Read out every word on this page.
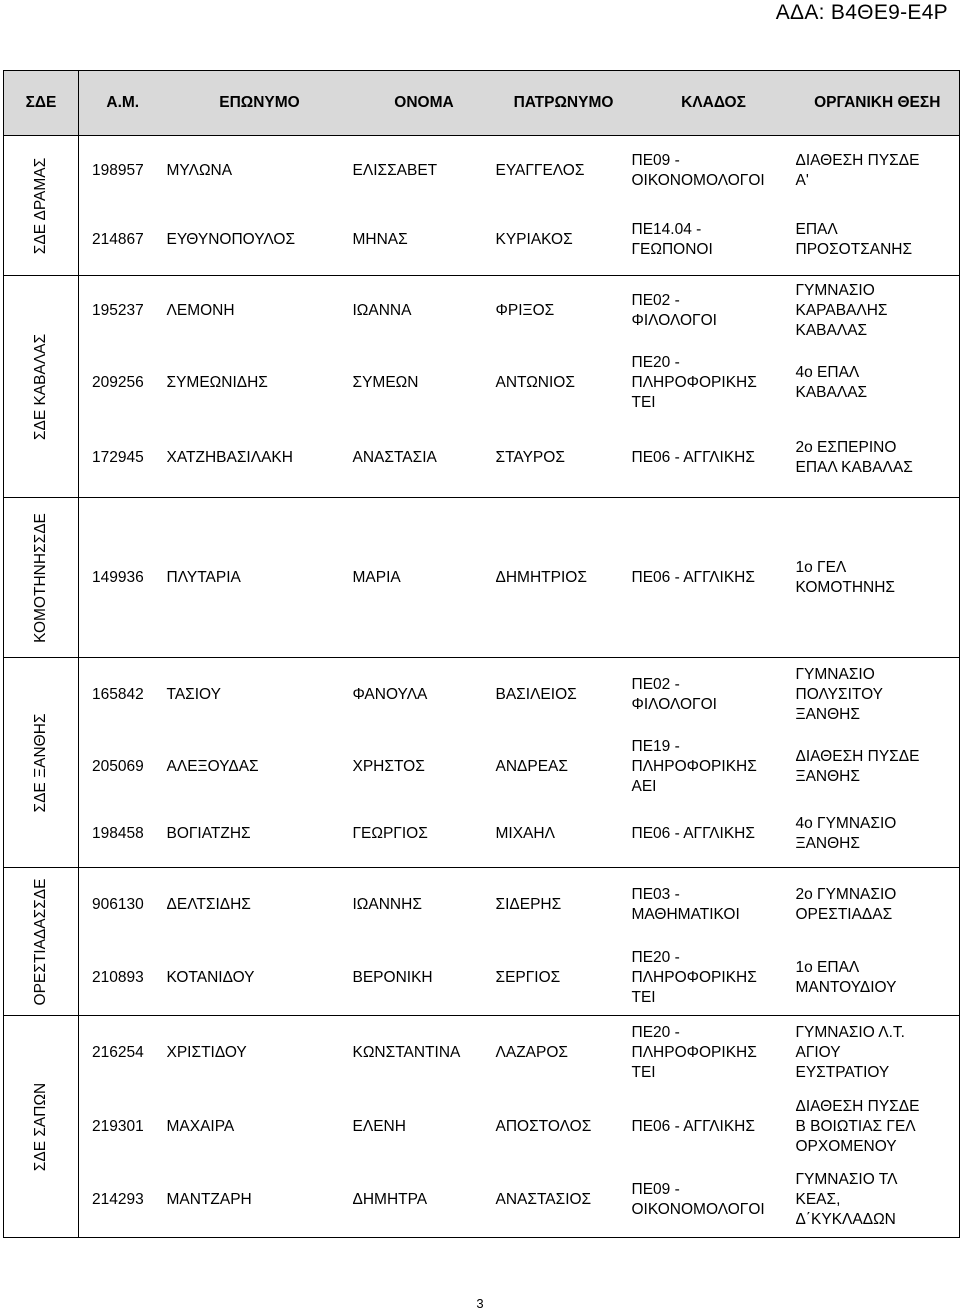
ΑΔΑ: Β4ΘΕ9-Ε4Ρ
ΣΔΕ	Α.Μ.	ΕΠΩΝΥΜΟ	ΟΝΟΜΑ	ΠΑΤΡΩΝΥΜΟ	ΚΛΑΔΟΣ	ΟΡΓΑΝΙΚΗ ΘΕΣΗ

ΣΔΕ ΔΡΑΜΑΣ	198957	ΜΥΛΩΝΑ	ΕΛΙΣΣΑΒΕΤ	ΕΥΑΓΓΕΛΟΣ	ΠΕ09 -
ΟΙΚΟΝΟΜΟΛΟΓΟΙ	ΔΙΑΘΕΣΗ ΠΥΣΔΕ
Α'
	214867	ΕΥΘΥΝΟΠΟΥΛΟΣ	ΜΗΝΑΣ	ΚΥΡΙΑΚΟΣ	ΠΕ14.04 -
ΓΕΩΠΟΝΟΙ	ΕΠΑΛ
ΠΡΟΣΟΤΣΑΝΗΣ

ΣΔΕ ΚΑΒΑΛΑΣ	195237	ΛΕΜΟΝΗ	ΙΩΑΝΝΑ	ΦΡΙΞΟΣ	ΠΕ02 -
ΦΙΛΟΛΟΓΟΙ	ΓΥΜΝΑΣΙΟ
ΚΑΡΑΒΑΛΗΣ
ΚΑΒΑΛΑΣ
	209256	ΣΥΜΕΩΝΙΔΗΣ	ΣΥΜΕΩΝ	ΑΝΤΩΝΙΟΣ	ΠΕ20 -
ΠΛΗΡΟΦΟΡΙΚΗΣ
ΤΕΙ	4ο ΕΠΑΛ
ΚΑΒΑΛΑΣ
	172945	ΧΑΤΖΗΒΑΣΙΛΑΚΗ	ΑΝΑΣΤΑΣΙΑ	ΣΤΑΥΡΟΣ	ΠΕ06 - ΑΓΓΛΙΚΗΣ	2ο ΕΣΠΕΡΙΝΟ
ΕΠΑΛ ΚΑΒΑΛΑΣ

ΚΟΜΟΤΗΝΗΣΣΔΕ	149936	ΠΛΥΤΑΡΙΑ	ΜΑΡΙΑ	ΔΗΜΗΤΡΙΟΣ	ΠΕ06 - ΑΓΓΛΙΚΗΣ	1ο ΓΕΛ
ΚΟΜΟΤΗΝΗΣ

ΣΔΕ ΞΑΝΘΗΣ	165842	ΤΑΣΙΟΥ	ΦΑΝΟΥΛΑ	ΒΑΣΙΛΕΙΟΣ	ΠΕ02 -
ΦΙΛΟΛΟΓΟΙ	ΓΥΜΝΑΣΙΟ
ΠΟΛΥΣΙΤΟΥ
ΞΑΝΘΗΣ
	205069	ΑΛΕΞΟΥΔΑΣ	ΧΡΗΣΤΟΣ	ΑΝΔΡΕΑΣ	ΠΕ19 -
ΠΛΗΡΟΦΟΡΙΚΗΣ
ΑΕΙ	ΔΙΑΘΕΣΗ ΠΥΣΔΕ
ΞΑΝΘΗΣ
	198458	ΒΟΓΙΑΤΖΗΣ	ΓΕΩΡΓΙΟΣ	ΜΙΧΑΗΛ	ΠΕ06 - ΑΓΓΛΙΚΗΣ	4ο ΓΥΜΝΑΣΙΟ
ΞΑΝΘΗΣ

ΟΡΕΣΤΙΑΔΑΣΣΔΕ	906130	ΔΕΛΤΣΙΔΗΣ	ΙΩΑΝΝΗΣ	ΣΙΔΕΡΗΣ	ΠΕ03 -
ΜΑΘΗΜΑΤΙΚΟΙ	2ο ΓΥΜΝΑΣΙΟ
ΟΡΕΣΤΙΑΔΑΣ
	210893	ΚΟΤΑΝΙΔΟΥ	ΒΕΡΟΝΙΚΗ	ΣΕΡΓΙΟΣ	ΠΕ20 -
ΠΛΗΡΟΦΟΡΙΚΗΣ
ΤΕΙ	1ο ΕΠΑΛ
ΜΑΝΤΟΥΔΙΟΥ

ΣΔΕ ΣΑΠΩΝ	216254	ΧΡΙΣΤΙΔΟΥ	ΚΩΝΣΤΑΝΤΙΝΑ	ΛΑΖΑΡΟΣ	ΠΕ20 -
ΠΛΗΡΟΦΟΡΙΚΗΣ
ΤΕΙ	ΓΥΜΝΑΣΙΟ Λ.Τ.
ΑΓΙΟΥ
ΕΥΣΤΡΑΤΙΟΥ
	219301	ΜΑΧΑΙΡΑ	ΕΛΕΝΗ	ΑΠΟΣΤΟΛΟΣ	ΠΕ06 - ΑΓΓΛΙΚΗΣ	ΔΙΑΘΕΣΗ ΠΥΣΔΕ
Β ΒΟΙΩΤΙΑΣ ΓΕΛ
ΟΡΧΟΜΕΝΟΥ
	214293	ΜΑΝΤΖΑΡΗ	ΔΗΜΗΤΡΑ	ΑΝΑΣΤΑΣΙΟΣ	ΠΕ09 -
ΟΙΚΟΝΟΜΟΛΟΓΟΙ	ΓΥΜΝΑΣΙΟ ΤΛ
ΚΕΑΣ,
Δ΄ΚΥΚΛΑΔΩΝ
3
